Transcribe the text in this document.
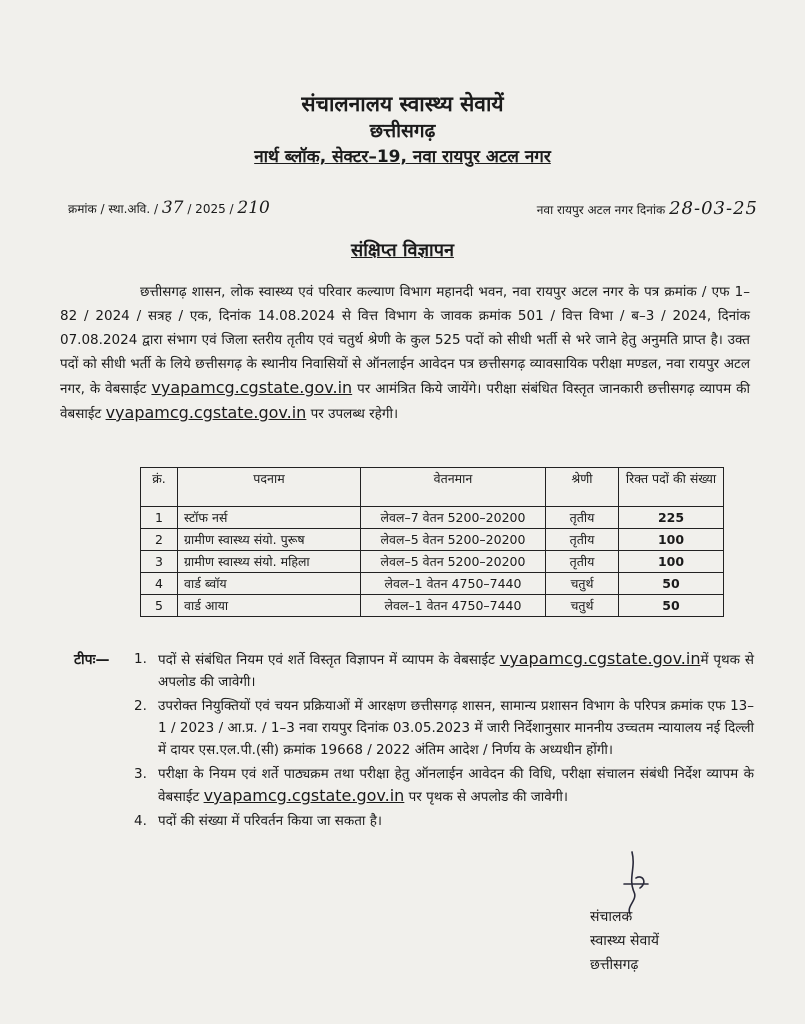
संचालनालय स्वास्थ्य सेवायें
छत्तीसगढ़
नार्थ ब्लॉक, सेक्टर–19, नवा रायपुर अटल नगर
क्रमांक / स्था.अवि. / 37 / 2025 / 210	नवा रायपुर अटल नगर दिनांक 28-03-25
संक्षिप्त विज्ञापन
छत्तीसगढ़ शासन, लोक स्वास्थ्य एवं परिवार कल्याण विभाग महानदी भवन, नवा रायपुर अटल नगर के पत्र क्रमांक / एफ 1–82 / 2024 / सत्रह / एक, दिनांक 14.08.2024 से वित्त विभाग के जावक क्रमांक 501 / वित्त विभा / ब–3 / 2024, दिनांक 07.08.2024 द्वारा संभाग एवं जिला स्तरीय तृतीय एवं चतुर्थ श्रेणी के कुल 525 पदों को सीधी भर्ती से भरे जाने हेतु अनुमति प्राप्त है। उक्त पदों को सीधी भर्ती के लिये छत्तीसगढ़ के स्थानीय निवासियों से ऑनलाईन आवेदन पत्र छत्तीसगढ़ व्यावसायिक परीक्षा मण्डल, नवा रायपुर अटल नगर, के वेबसाईट vyapamcg.cgstate.gov.in पर आमंत्रित किये जायेंगे। परीक्षा संबंधित विस्तृत जानकारी छत्तीसगढ़ व्यापम की वेबसाईट vyapamcg.cgstate.gov.in पर उपलब्ध रहेगी।
क्रं.	पदनाम	वेतनमान	श्रेणी	रिक्त पदों की संख्या
1	स्टॉफ नर्स	लेवल–7 वेतन 5200–20200	तृतीय	225
2	ग्रामीण स्वास्थ्य संयो. पुरूष	लेवल–5 वेतन 5200–20200	तृतीय	100
3	ग्रामीण स्वास्थ्य संयो. महिला	लेवल–5 वेतन 5200–20200	तृतीय	100
4	वार्ड ब्वॉय	लेवल–1 वेतन 4750–7440	चतुर्थ	50
5	वार्ड आया	लेवल–1 वेतन 4750–7440	चतुर्थ	50
टीपः— 1. पदों से संबंधित नियम एवं शर्ते विस्तृत विज्ञापन में व्यापम के वेबसाईट vyapamcg.cgstate.gov.inमें पृथक से अपलोड की जावेगी।
2. उपरोक्त नियुक्तियों एवं चयन प्रक्रियाओं में आरक्षण छत्तीसगढ़ शासन, सामान्य प्रशासन विभाग के परिपत्र क्रमांक एफ 13–1 / 2023 / आ.प्र. / 1–3 नवा रायपुर दिनांक 03.05.2023 में जारी निर्देशानुसार माननीय उच्चतम न्यायालय नई दिल्ली में दायर एस.एल.पी.(सी) क्रमांक 19668 / 2022 अंतिम आदेश / निर्णय के अध्यधीन होंगी।
3. परीक्षा के नियम एवं शर्ते पाठ्यक्रम तथा परीक्षा हेतु ऑनलाईन आवेदन की विधि, परीक्षा संचालन संबंधी निर्देश व्यापम के वेबसाईट vyapamcg.cgstate.gov.in पर पृथक से अपलोड की जावेगी।
4. पदों की संख्या में परिवर्तन किया जा सकता है।
संचालक
स्वास्थ्य सेवायें
छत्तीसगढ़
